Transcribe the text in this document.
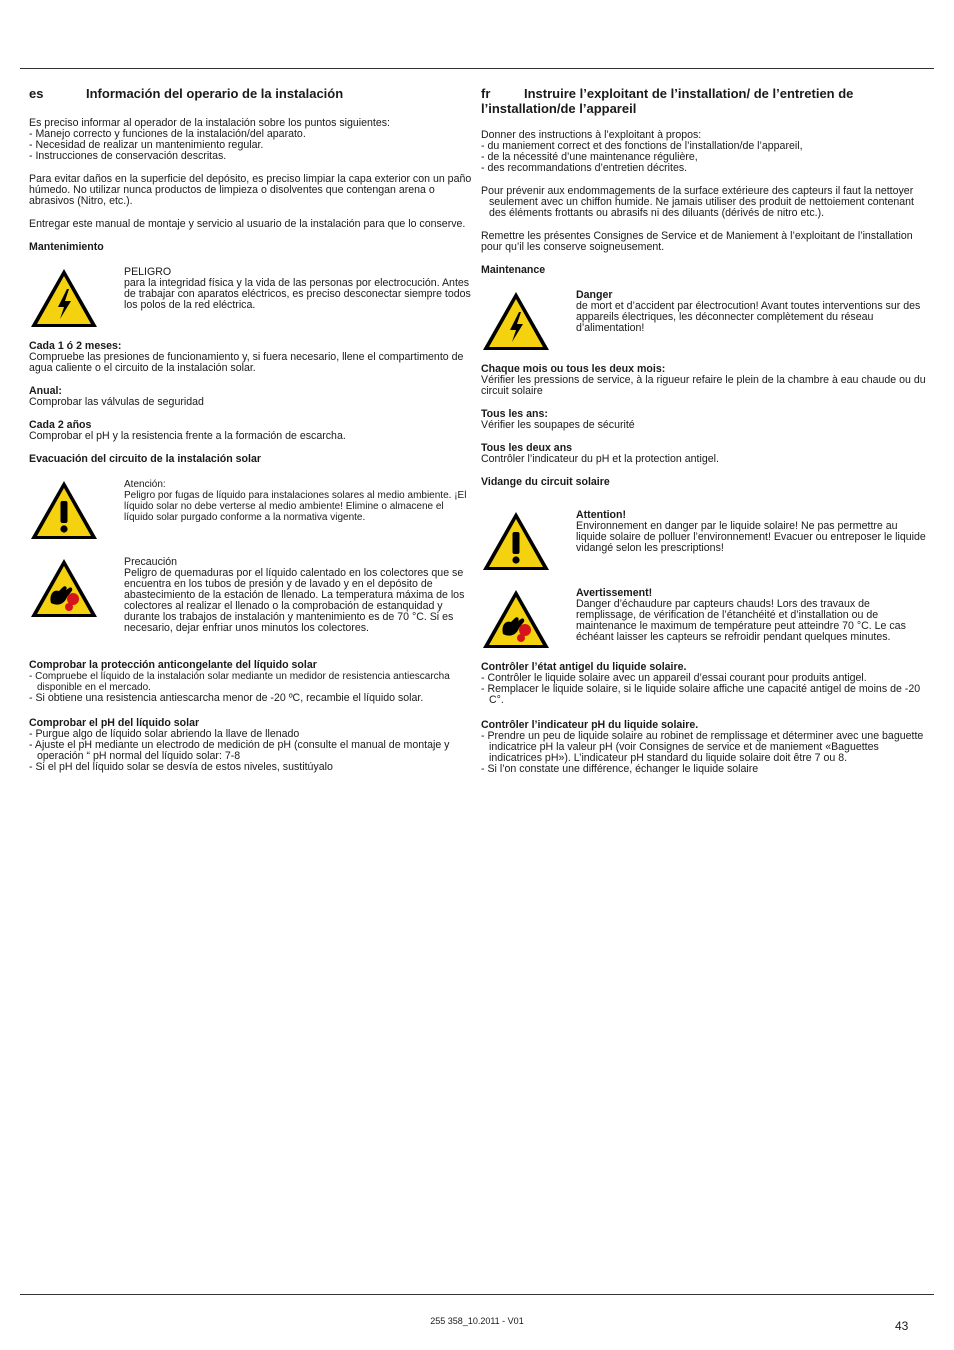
es	Información del operario de la instalación

Es preciso informar al operador de la instalación sobre los puntos siguientes:
- Manejo correcto y funciones de la instalación/del aparato.
- Necesidad de realizar un mantenimiento regular.
- Instrucciones de conservación descritas.

Para evitar daños en la superficie del depósito, es preciso limpiar la capa exterior con un paño húmedo. No utilizar nunca productos de limpieza o disolventes que contengan arena o abrasivos (Nitro, etc.).

Entregar este manual de montaje y servicio al usuario de la instalación para que lo conserve.

Mantenimiento
PELIGRO
para la integridad física y la vida de las personas por electrocución. Antes de trabajar con aparatos eléctricos, es preciso desconectar siempre todos los polos de la red eléctrica.
Cada 1 ó 2 meses:

Compruebe las presiones de funcionamiento y, si fuera necesario, llene el compartimento de agua caliente o el circuito de la instalación solar.

Anual:

Comprobar las válvulas de seguridad

Cada 2 años

Comprobar el pH y la resistencia frente a la formación de escarcha.

Evacuación del circuito de la instalación solar
Atención:
Peligro por fugas de líquido para instalaciones solares al medio ambiente. ¡El líquido solar no debe verterse al medio ambiente! Elimine o almacene el líquido solar purgado conforme a la normativa vigente.
Precaución
Peligro de quemaduras por el líquido calentado en los colectores que se encuentra en los tubos de presión y de lavado y en el depósito de abastecimiento de la estación de llenado. La temperatura máxima de los colectores al realizar el llenado o la comprobación de estanquidad y durante los trabajos de instalación y mantenimiento es de 70 °C. Si es necesario, dejar enfriar unos minutos los colectores.
Comprobar la protección anticongelante del líquido solar
- Compruebe el líquido de la instalación solar mediante un medidor de resistencia antiescarcha disponible en el mercado.
- Si obtiene una resistencia antiescarcha menor de -20 ºC, recambie el líquido solar.
Comprobar el pH del líquido solar
- Purgue algo de líquido solar abriendo la llave de llenado
- Ajuste el pH mediante un electrodo de medición de pH (consulte el manual de montaje y operación “ pH normal del líquido solar: 7-8
- Si el pH del líquido solar se desvía de estos niveles, sustitúyalo
fr	Instruire l’exploitant de l’installation/ de l’entretien de l’installation/de l’appareil

Donner des instructions à l’exploitant à propos:
- du maniement correct et des fonctions de l’installation/de l’appareil,
- de la nécessité d’une maintenance régulière,
- des recommandations d’entretien décrites.

Pour prévenir aux endommagements de la surface extérieure des capteurs il faut la nettoyer seulement avec un chiffon humide. Ne jamais utiliser des produit de nettoiement contenant des éléments frottants ou abrasifs ni des diluants (dérivés de nitro etc.).

Remettre les présentes Consignes de Service et de Maniement à l’exploitant de l’installation pour qu’il les conserve soigneusement.

Maintenance
Danger
de mort et d’accident par électrocution! Avant toutes interventions sur des appareils électriques, les déconnecter complètement du réseau d’alimentation!
Chaque mois ou tous les deux mois:

Vérifier les pressions de service, à la rigueur refaire le plein de la chambre à eau chaude ou du circuit solaire

Tous les ans:

Vérifier les soupapes de sécurité

Tous les deux ans

Contrôler l’indicateur du pH et la protection antigel.

Vidange du circuit solaire
Attention!
Environnement en danger par le liquide solaire! Ne pas permettre au liquide solaire de polluer l’environnement! Evacuer ou entreposer le liquide vidangé selon les prescriptions!
Avertissement!
Danger d’échaudure par capteurs chauds! Lors des travaux de remplissage, de vérification de l’étanchéité et d’installation ou de maintenance le maximum de température peut atteindre 70 °C. Le cas échéant laisser les capteurs se refroidir pendant quelques minutes.
Contrôler l’état antigel du liquide solaire.
- Contrôler le liquide solaire avec un appareil d’essai courant pour produits antigel.
- Remplacer le liquide solaire, si le liquide solaire affiche une capacité antigel de moins de -20 C°.
Contrôler l’indicateur pH du liquide solaire.
- Prendre un peu de liquide solaire au robinet de remplissage et déterminer avec une baguette indicatrice pH la valeur pH (voir Consignes de service et de maniement «Baguettes indicatrices pH»). L’indicateur pH standard du liquide solaire doit être 7 ou 8.
- Si l’on constate une différence, échanger le liquide solaire
255 358_10.2011 - V01	43
